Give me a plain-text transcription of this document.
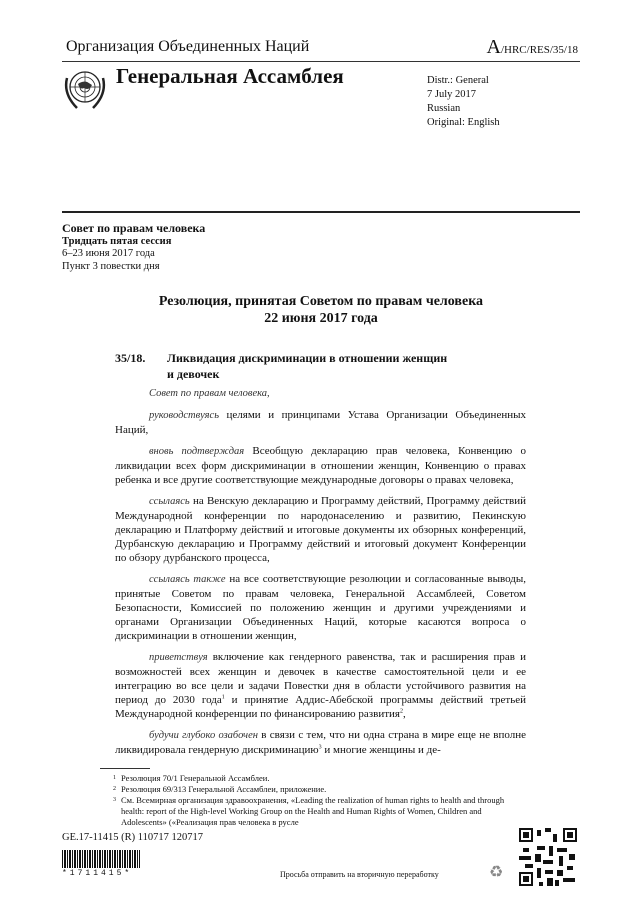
Организация Объединенных Наций	A/HRC/RES/35/18
Генеральная Ассамблея	Distr.: General
7 July 2017
Russian
Original: English
Совет по правам человека
Тридцать пятая сессия
6–23 июня 2017 года
Пункт 3 повестки дня
Резолюция, принятая Советом по правам человека
22 июня 2017 года
35/18. Ликвидация дискриминации в отношении женщин
и девочек

Совет по правам человека,

руководствуясь целями и принципами Устава Организации Объединенных Наций,

вновь подтверждая Всеобщую декларацию прав человека, Конвенцию о ликвидации всех форм дискриминации в отношении женщин, Конвенцию о правах ребенка и все другие соответствующие международные договоры о правах человека,

ссылаясь на Венскую декларацию и Программу действий, Программу действий Международной конференции по народонаселению и развитию, Пекинскую декларацию и Платформу действий и итоговые документы их обзорных конференций, Дурбанскую декларацию и Программу действий и итоговый документ Конференции по обзору дурбанского процесса,

ссылаясь также на все соответствующие резолюции и согласованные выводы, принятые Советом по правам человека, Генеральной Ассамблеей, Советом Безопасности, Комиссией по положению женщин и другими учреждениями и органами Организации Объединенных Наций, которые касаются вопроса о дискриминации в отношении женщин,

приветствуя включение как гендерного равенства, так и расширения прав и возможностей всех женщин и девочек в качестве самостоятельной цели и ее интеграцию во все цели и задачи Повестки дня в области устойчивого развития на период до 2030 года$^1$ и принятие Аддис-Абебской программы действий третьей Международной конференции по финансированию развития$^2$,

будучи глубоко озабочен в связи с тем, что ни одна страна в мире еще не вполне ликвидировала гендерную дискриминацию$^3$ и многие женщины и де-

1 Резолюция 70/1 Генеральной Ассамблеи.
2 Резолюция 69/313 Генеральной Ассамблеи, приложение.
3 См. Всемирная организация здравоохранения, «Leading the realization of human rights to health and through health: report of the High-level Working Group on the Health and Human Rights of Women, Children and Adolescents» («Реализация прав человека в русле
GE.17-11415 (R) 110717 120717
*1711415*	Просьба отправить на вторичную переработку	♻
